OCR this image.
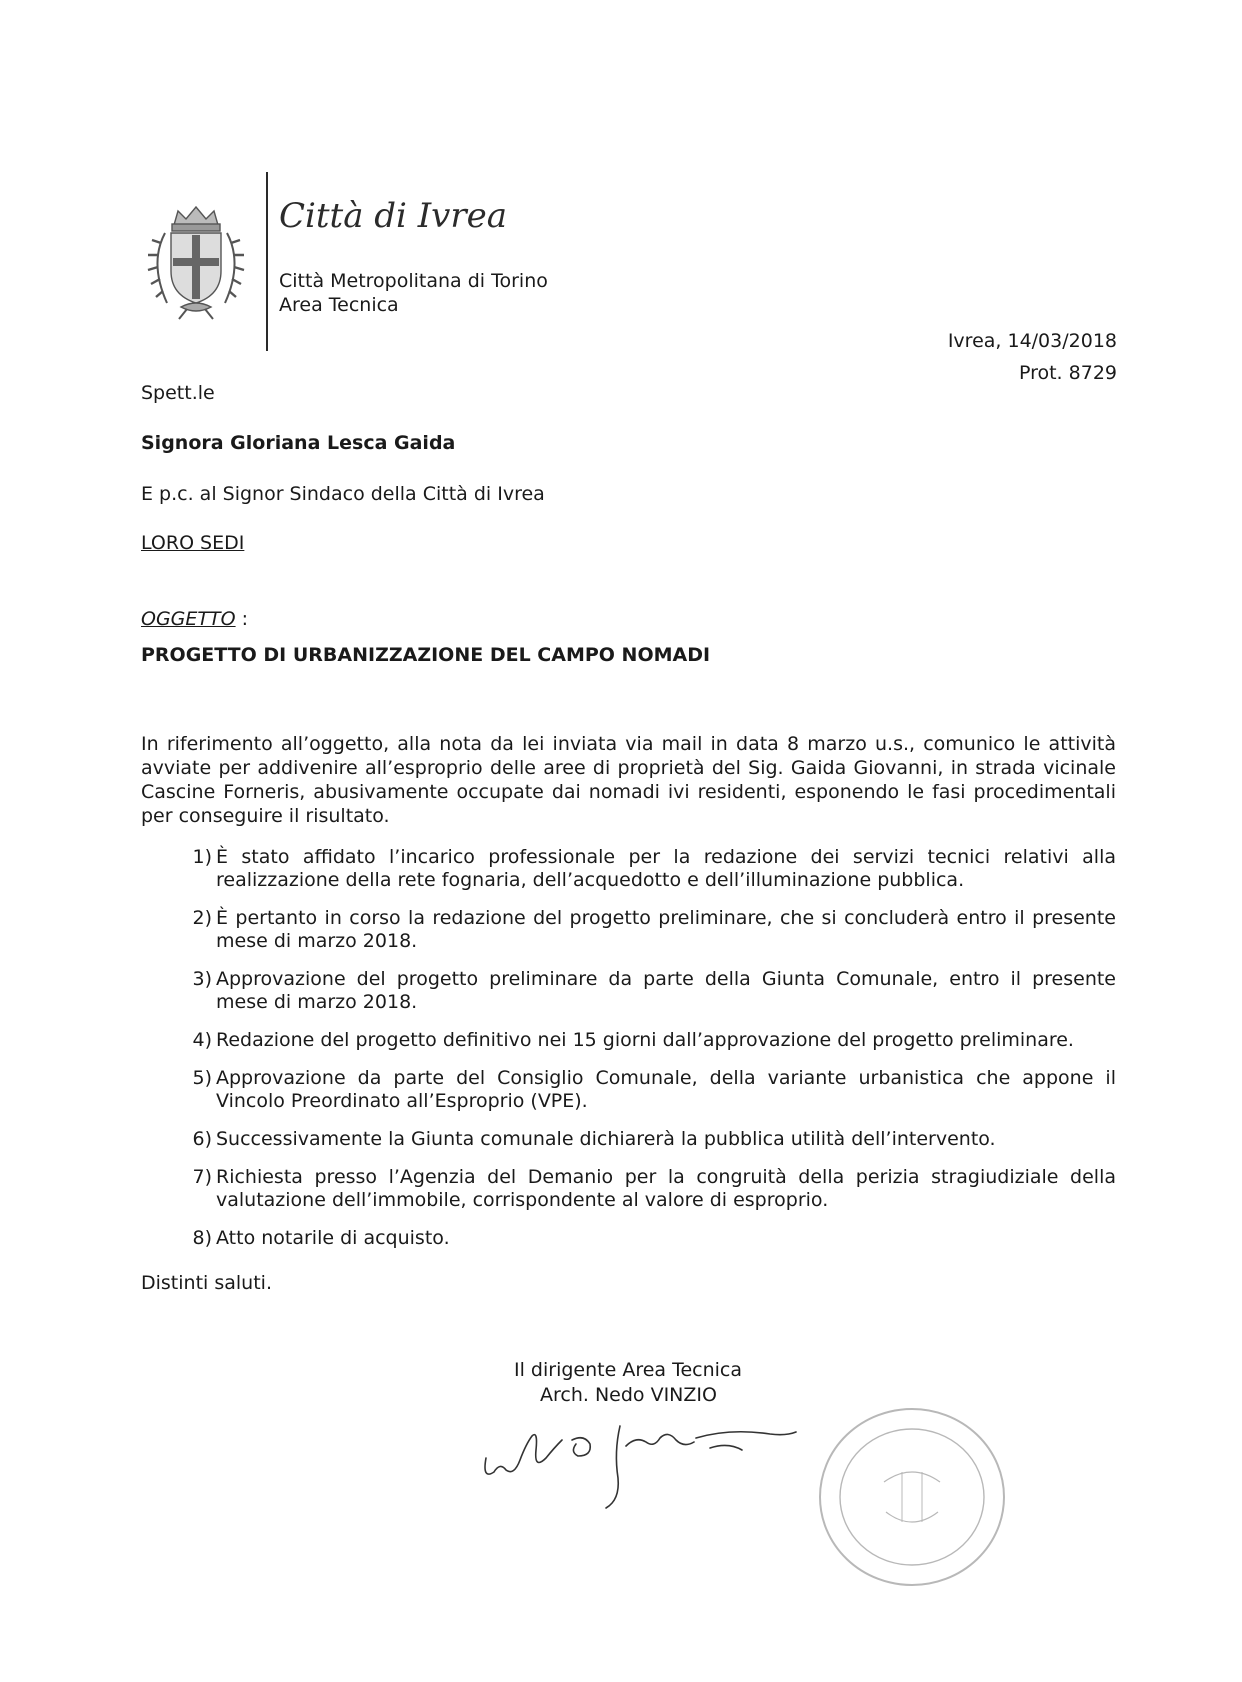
Città di Ivrea
Città Metropolitana di Torino
Area Tecnica
Ivrea, 14/03/2018
Prot. 8729
Spett.le
Signora Gloriana Lesca Gaida
E p.c. al Signor Sindaco della Città di Ivrea
LORO SEDI
OGGETTO :
PROGETTO DI URBANIZZAZIONE DEL CAMPO NOMADI
In riferimento all’oggetto, alla nota da lei inviata via mail in data 8 marzo u.s., comunico le attività avviate per addivenire all’esproprio delle aree di proprietà del Sig. Gaida Giovanni, in strada vicinale Cascine Forneris, abusivamente occupate dai nomadi ivi residenti, esponendo le fasi procedimentali per conseguire il risultato.
1) È stato affidato l’incarico professionale per la redazione dei servizi tecnici relativi alla realizzazione della rete fognaria, dell’acquedotto e dell’illuminazione pubblica.
2) È pertanto in corso la redazione del progetto preliminare, che si concluderà entro il presente mese di marzo 2018.
3) Approvazione del progetto preliminare da parte della Giunta Comunale, entro il presente mese di marzo 2018.
4) Redazione del progetto definitivo nei 15 giorni dall’approvazione del progetto preliminare.
5) Approvazione da parte del Consiglio Comunale, della variante urbanistica che appone il Vincolo Preordinato all’Esproprio (VPE).
6) Successivamente la Giunta comunale dichiarerà la pubblica utilità dell’intervento.
7) Richiesta presso l’Agenzia del Demanio per la congruità della perizia stragiudiziale della valutazione dell’immobile, corrispondente al valore di esproprio.
8) Atto notarile di acquisto.
Distinti saluti.
Il dirigente Area Tecnica
Arch. Nedo VINZIO
